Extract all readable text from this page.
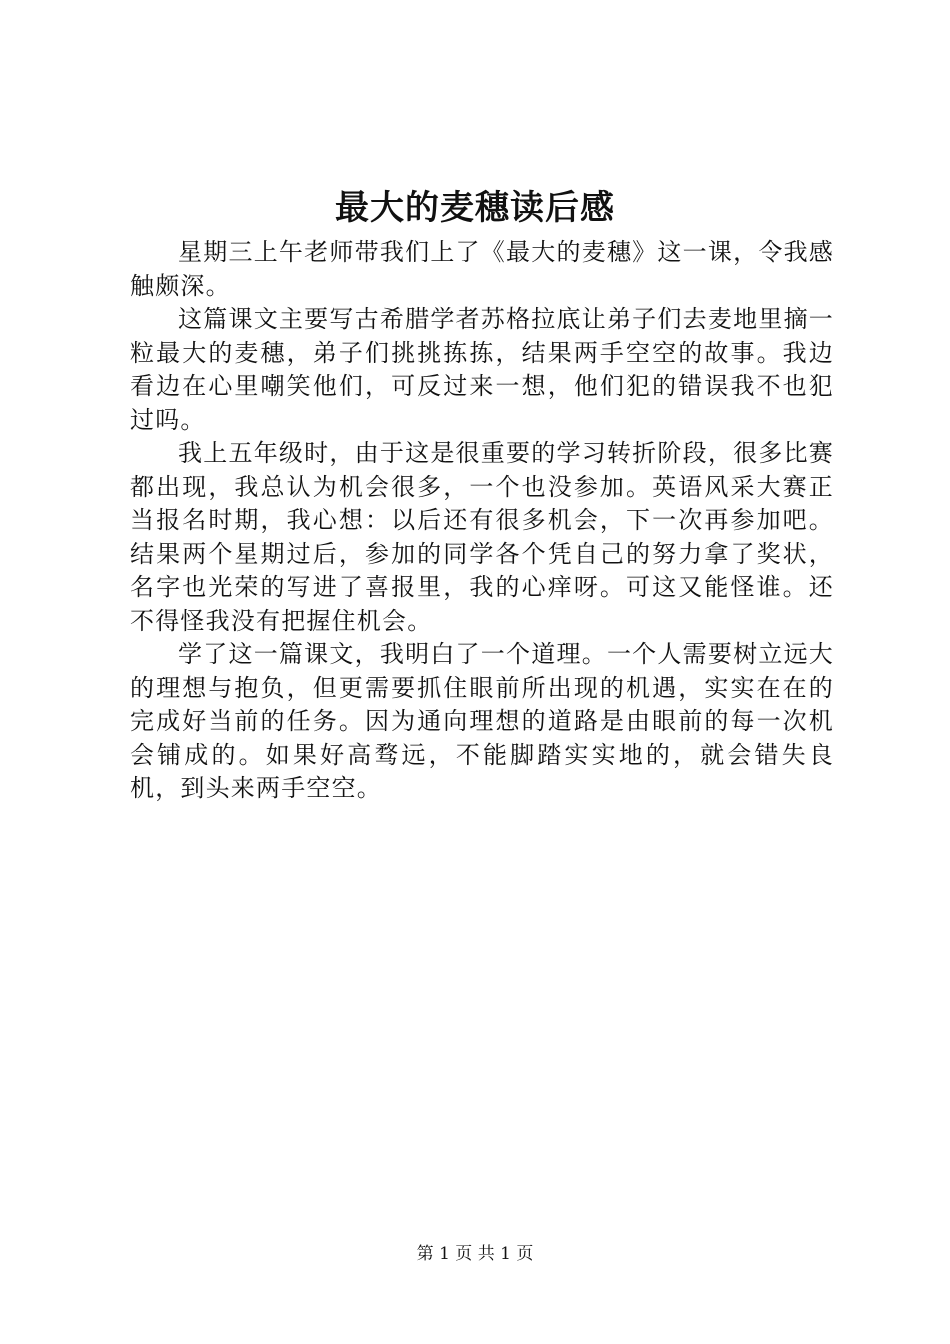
最大的麦穗读后感

星期三上午老师带我们上了《最大的麦穗》这一课，令我感触颇深。

这篇课文主要写古希腊学者苏格拉底让弟子们去麦地里摘一粒最大的麦穗，弟子们挑挑拣拣，结果两手空空的故事。我边看边在心里嘲笑他们，可反过来一想，他们犯的错误我不也犯过吗。

我上五年级时，由于这是很重要的学习转折阶段，很多比赛都出现，我总认为机会很多，一个也没参加。英语风采大赛正当报名时期，我心想：以后还有很多机会，下一次再参加吧。结果两个星期过后，参加的同学各个凭自己的努力拿了奖状，名字也光荣的写进了喜报里，我的心痒呀。可这又能怪谁。还不得怪我没有把握住机会。

学了这一篇课文，我明白了一个道理。一个人需要树立远大的理想与抱负，但更需要抓住眼前所出现的机遇，实实在在的完成好当前的任务。因为通向理想的道路是由眼前的每一次机会铺成的。如果好高骛远，不能脚踏实实地的，就会错失良机，到头来两手空空。

第 1 页 共 1 页
